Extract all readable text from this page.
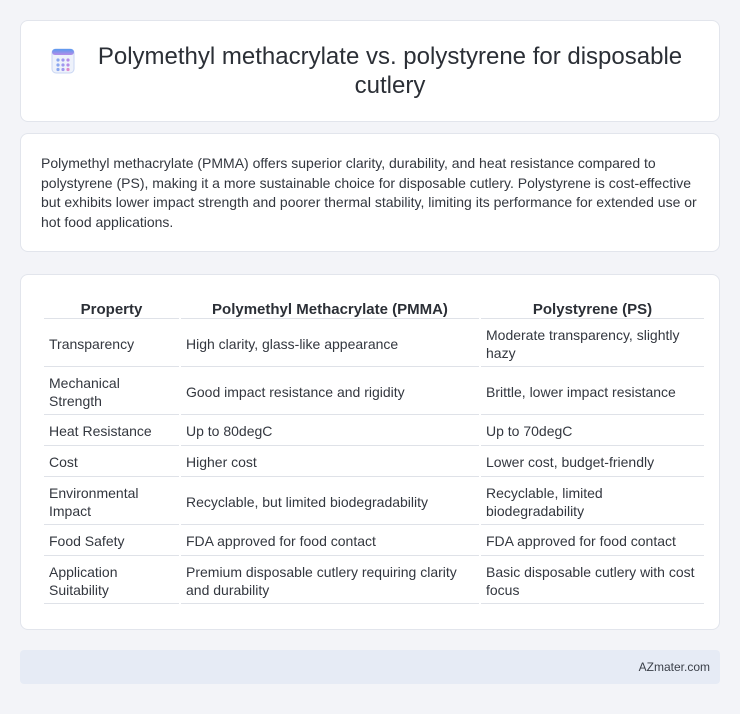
Polymethyl methacrylate vs. polystyrene for disposable cutlery

Polymethyl methacrylate (PMMA) offers superior clarity, durability, and heat resistance compared to polystyrene (PS), making it a more sustainable choice for disposable cutlery. Polystyrene is cost-effective but exhibits lower impact strength and poorer thermal stability, limiting its performance for extended use or hot food applications.

Property	Polymethyl Methacrylate (PMMA)	Polystyrene (PS)
Transparency	High clarity, glass-like appearance	Moderate transparency, slightly hazy
Mechanical Strength	Good impact resistance and rigidity	Brittle, lower impact resistance
Heat Resistance	Up to 80degC	Up to 70degC
Cost	Higher cost	Lower cost, budget-friendly
Environmental Impact	Recyclable, but limited biodegradability	Recyclable, limited biodegradability
Food Safety	FDA approved for food contact	FDA approved for food contact
Application Suitability	Premium disposable cutlery requiring clarity and durability	Basic disposable cutlery with cost focus
AZmater.com
